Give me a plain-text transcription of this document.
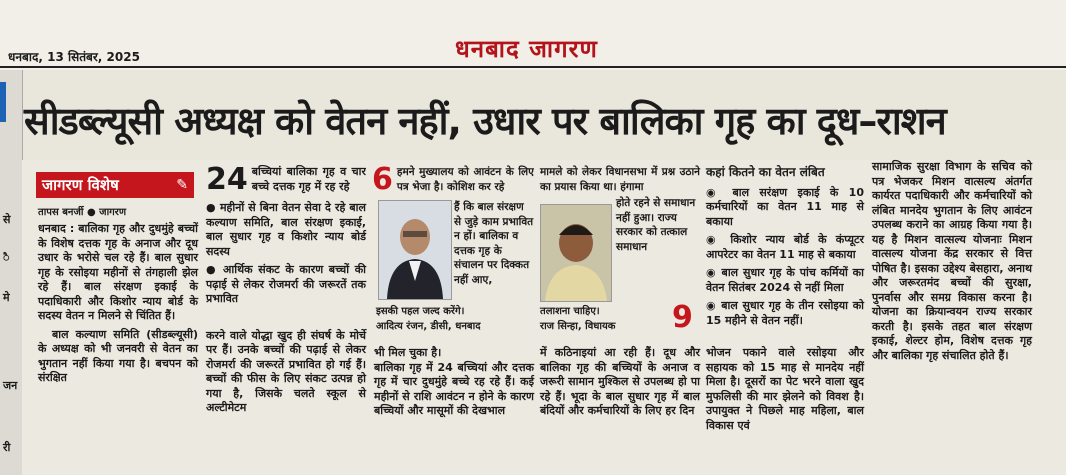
धनबाद, 13 सितंबर, 2025	धनबाद जागरण
से
ै
मे
जन
री
सीडब्ल्यूसी अध्यक्ष को वेतन नहीं, उधार पर बालिका गृह का दूध–राशन
जागरण विशेष	✎
तापस बनर्जी ● जागरण
धनबाद : बालिका गृह और दुधमुंहे बच्चों के विशेष दत्तक गृह के अनाज और दूध उधार के भरोसे चल रहे हैं। बाल सुधार गृह के रसोइया महीनों से तंगहाली झेल रहे हैं। बाल संरक्षण इकाई के पदाधिकारी और किशोर न्याय बोर्ड के सदस्य वेतन न मिलने से चिंतित हैं।
बाल कल्याण समिति (सीडब्ल्यूसी) के अध्यक्ष को भी जनवरी से वेतन का भुगतान नहीं किया गया है। बचपन को संरक्षित
24 बच्चियां बालिका गृह व चार बच्चे दत्तक गृह में रह रहे
● महीनों से बिना वेतन सेवा दे रहे बाल कल्याण समिति, बाल संरक्षण इकाई, बाल सुधार गृह व किशोर न्याय बोर्ड सदस्य
● आर्थिक संकट के कारण बच्चों की पढ़ाई से लेकर रोजमर्रा की जरूरतें तक प्रभावित
करने वाले योद्धा खुद ही संघर्ष के मोर्चे पर हैं। उनके बच्चों की पढ़ाई से लेकर रोजमर्रा की जरूरतें प्रभावित हो गई हैं। बच्चों की फीस के लिए संकट उत्पन्न हो गया है, जिसके चलते स्कूल से अल्टीमेटम
6 हमने मुख्यालय को आवंटन के लिए पत्र भेजा है। कोशिश कर रहे
हैं कि बाल संरक्षण से जुड़े काम प्रभावित न हों। बालिका व दत्तक गृह के संचालन पर दिक्कत नहीं आए,
इसकी पहल जल्द करेंगे।
आदित्य रंजन, डीसी, धनबाद
भी मिल चुका है।
बालिका गृह में 24 बच्चियां और दत्तक गृह में चार दुधमुंहे बच्चे रह रहे हैं। कई महीनों से राशि आवंटन न होने के कारण बच्चियों और मासूमों की देखभाल
मामले को लेकर विधानसभा में प्रश्न उठाने का प्रयास किया था। हंगामा
होते रहने से समाधान नहीं हुआ। राज्य सरकार को तत्काल समाधान
तलाशना चाहिए।
राज सिन्हा, विधायक	9
में कठिनाइयां आ रही हैं। दूध और बालिका गृह की बच्चियों के अनाज व जरूरी सामान मुश्किल से उपलब्ध हो पा रहे हैं। भूदा के बाल सुधार गृह में बाल बंदियों और कर्मचारियों के लिए हर दिन
कहां कितने का वेतन लंबित
◉ बाल सरंक्षण इकाई के 10 कर्मचारियों का वेतन 11 माह से बकाया
◉ किशोर न्याय बोर्ड के कंप्यूटर आपरेटर का वेतन 11 माह से बकाया
◉ बाल सुधार गृह के पांच कर्मियों का वेतन सितंबर 2024 से नहीं मिला
◉ बाल सुधार गृह के तीन रसोइया को 15 महीने से वेतन नहीं।
भोजन पकाने वाले रसोइया और सहायक को 15 माह से मानदेय नहीं मिला है। दूसरों का पेट भरने वाला खुद मुफलिसी की मार झेलने को विवश है। उपायुक्त ने पिछले माह महिला, बाल विकास एवं
सामाजिक सुरक्षा विभाग के सचिव को पत्र भेजकर मिशन वात्सल्य अंतर्गत कार्यरत पदाधिकारी और कर्मचारियों को लंबित मानदेय भुगतान के लिए आवंटन उपलब्ध कराने का आग्रह किया गया है। यह है मिशन वात्सल्य योजनाः मिशन वात्सल्य योजना केंद्र सरकार से वित्त पोषित है। इसका उद्देश्य बेसहारा, अनाथ और जरूरतमंद बच्चों की सुरक्षा, पुनर्वास और समग्र विकास करना है। योजना का क्रियान्वयन राज्य सरकार करती है। इसके तहत बाल संरक्षण इकाई, शेल्टर होम, विशेष दत्तक गृह और बालिका गृह संचालित होते हैं।
